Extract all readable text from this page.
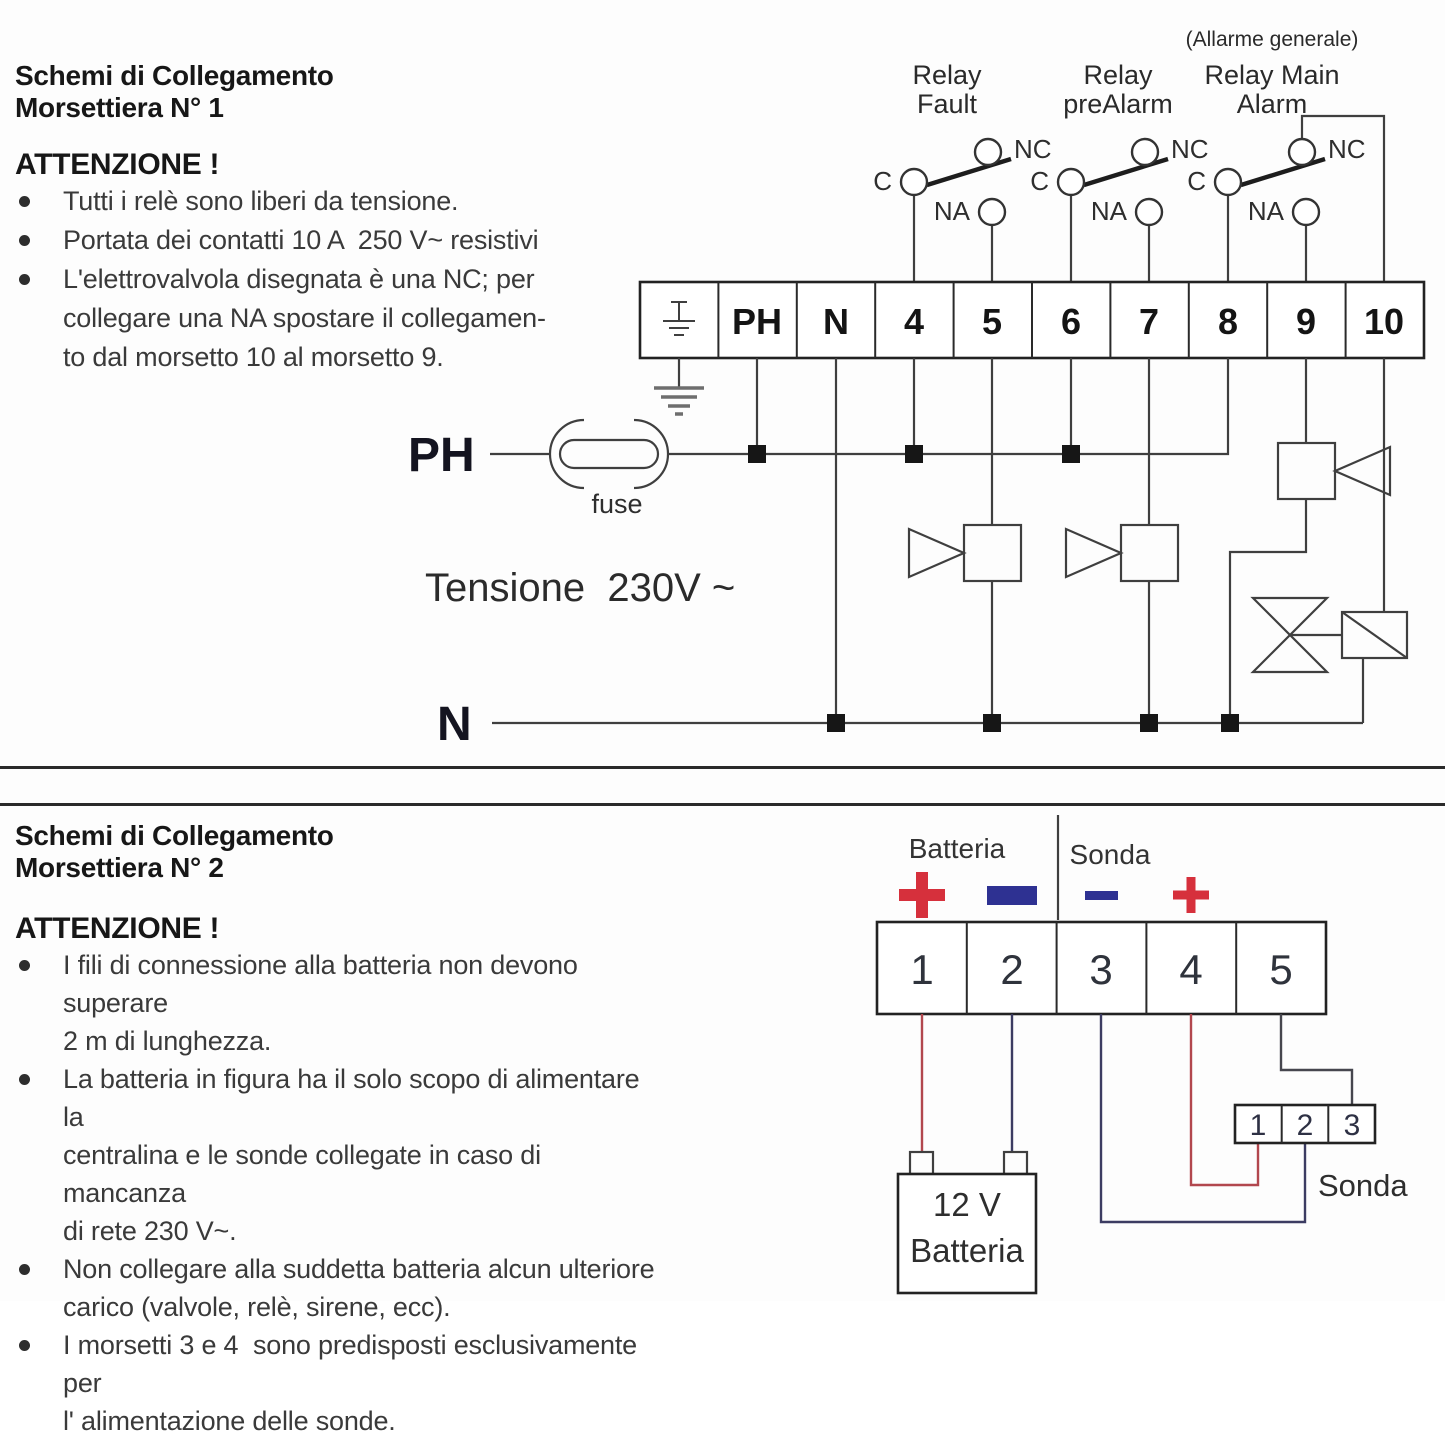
Schemi di Collegamento
Morsettiera N° 1
ATTENZIONE !
Tutti i relè sono liberi da tensione.
Portata dei contatti 10 A  250 V~ resistivi
L'elettrovalvola disegnata è una NC; per
collegare una NA spostare il collegamen-
to dal morsetto 10 al morsetto 9.
(Allarme generale)
Relay
Fault
Relay
preAlarm
Relay Main
Alarm
C
NC
NA
C
NC
NA
C
NC
NA
PH N 4 5 6 7 8 9 10
PH
fuse
Tensione  230V ~
N
Schemi di Collegamento
Morsettiera N° 2
ATTENZIONE !
I fili di connessione alla batteria non devono superare
2 m di lunghezza.
La batteria in figura ha il solo scopo di alimentare la
centralina e le sonde collegate in caso di mancanza
di rete 230 V~.
Non collegare alla suddetta batteria alcun ulteriore
carico (valvole, relè, sirene, ecc).
I morsetti 3 e 4  sono predisposti esclusivamente per
l' alimentazione delle sonde.
Batteria Sonda
1 2 3 4 5
12 V
Batteria
1 2 3
Sonda
